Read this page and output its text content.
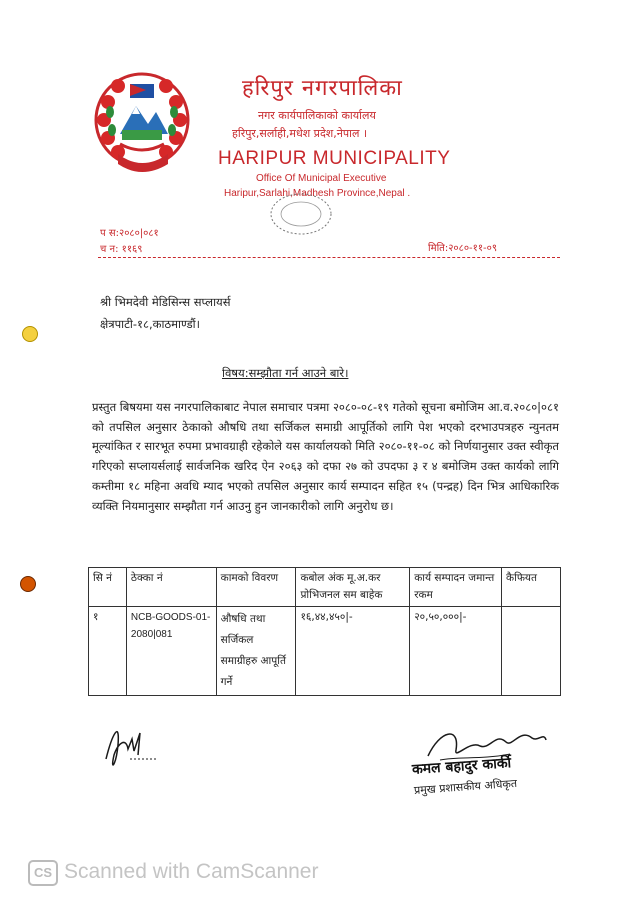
हरिपुर नगरपालिका
नगर कार्यपालिकाको कार्यालय
हरिपुर,सर्लाही,मधेश प्रदेश,नेपाल ।
HARIPUR MUNICIPALITY
Office Of Municipal Executive
Haripur,Sarlahi,Madhesh Province,Nepal .
प स:२०८०|०८१
च न: ११६९	मिति:२०८०-११-०९
श्री भिमदेवी मेडिसिन्स सप्लायर्स
क्षेत्रपाटी-१८,काठमाण्डौं।
विषय:सम्झौता गर्न आउने बारे।
प्रस्तुत बिषयमा यस नगरपालिकाबाट नेपाल समाचार पत्रमा २०८०-०८-१९ गतेको सूचना बमोजिम आ.व.२०८०|०८१ को तपसिल अनुसार ठेकाको औषधि तथा सर्जिकल समाग्री आपूर्तिको लागि पेश भएको दरभाउपत्रहरु न्युनतम मूल्यांकित र सारभूत रुपमा प्रभावग्राही रहेकोले यस कार्यालयको मिति २०८०-११-०८ को निर्णयानुसार उक्त स्वीकृत गरिएको सप्लायर्सलाई सार्वजनिक खरिद ऐन २०६३ को दफा २७ को उपदफा ३ र ४ बमोजिम उक्त कार्यको लागि कम्तीमा १८ महिना अवधि म्याद भएको तपसिल अनुसार कार्य सम्पादन सहित १५ (पन्द्रह) दिन भित्र आधिकारिक व्यक्ति नियमानुसार सम्झौता गर्न आउनु हुन जानकारीको लागि अनुरोध छ।
सि नं	ठेक्का नं	कामको विवरण	कबोल अंक मू.अ.कर प्रोभिजनल सम बाहेक	कार्य सम्पादन जमान्त रकम	कैफियत
१	NCB-GOODS-01-2080|081	औषधि तथा सर्जिकल समाग्रीहरु आपूर्ति गर्ने	१६,४४,४५०|-	२०,५०,०००|-	
कमल बहादुर कार्की
प्रमुख प्रशासकीय अधिकृत
CS Scanned with CamScanner
